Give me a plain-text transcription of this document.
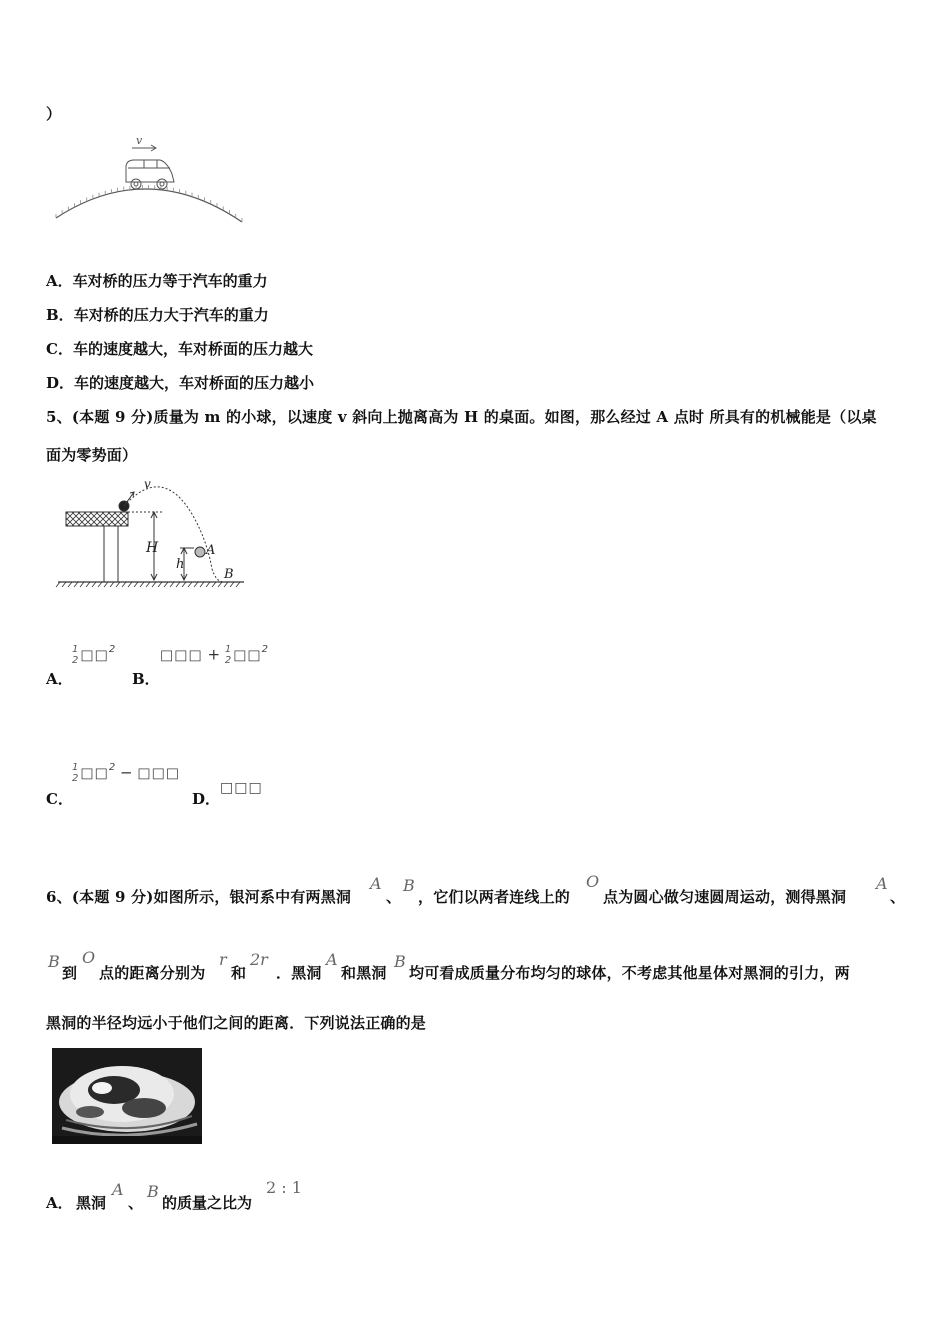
）
v
A．车对桥的压力等于汽车的重力
B．车对桥的压力大于汽车的重力
C．车的速度越大，车对桥面的压力越大
D．车的速度越大，车对桥面的压力越小
5、(本题 9 分)质量为 m 的小球，以速度 v 斜向上抛离高为 H 的桌面。如图，那么经过 A 点时 所具有的机械能是（以桌
面为零势面）
v
H
h
A
B
A．
1
2 □□$^2$
B．
□□□ + 1
2 □□$^2$
C．
1
2 □□$^2$ − □□□
D．
□□□
6、(本题 9 分)如图所示，银河系中有两黑洞
A
、
B
，它们以两者连线上的
O
点为圆心做匀速圆周运动，测得黑洞
A
、
B
到
O
点的距离分别为
r
和
2r
．黑洞
A
和黑洞
B
均可看成质量分布均匀的球体，不考虑其他星体对黑洞的引力，两
黑洞的半径均远小于他们之间的距离．下列说法正确的是
A． 黑洞
A
、
B
的质量之比为
2 : 1
